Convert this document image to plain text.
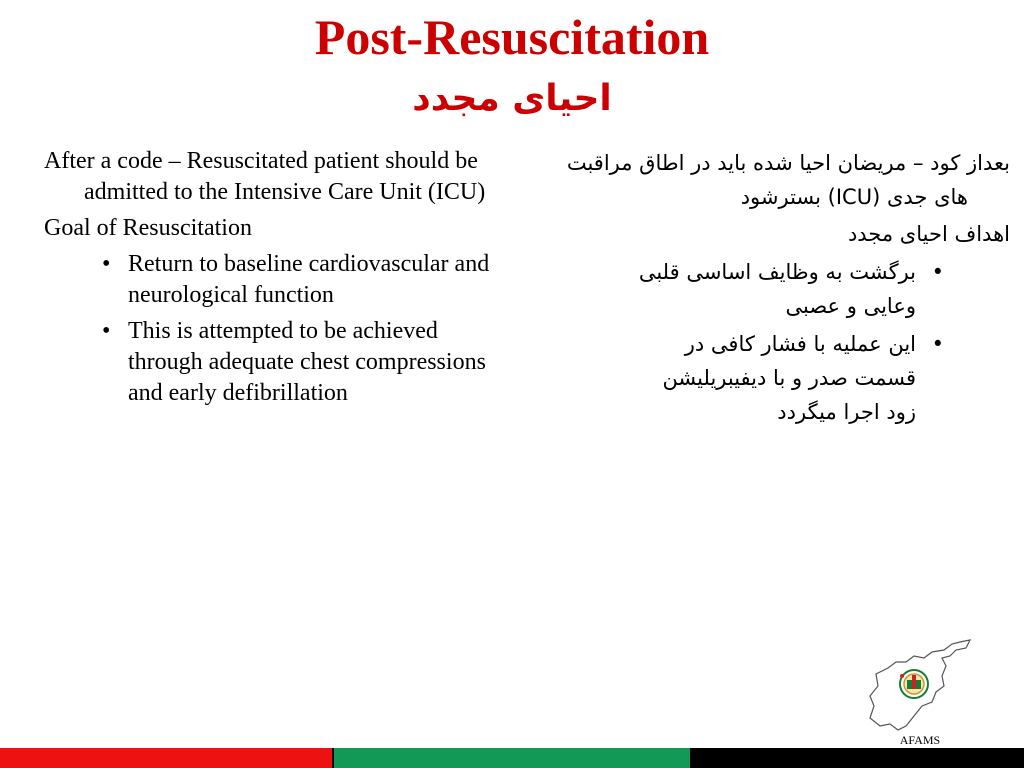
Post-Resuscitation
احیای مجدد

After a code – Resuscitated patient should be admitted to the Intensive Care Unit (ICU)

Goal of Resuscitation

• Return to baseline cardiovascular and neurological function
• This is attempted to be achieved through adequate chest compressions and early defibrillation

بعداز کود – مریضان احیا شده باید در اطاق مراقبت های جدی (ICU) بسترشود

اهداف احیای مجدد

•
برگشت به وظایف اساسی قلبی وعایی و عصبی
•
این عملیه با فشار کافی در قسمت صدر و با دیفیبریلیشن زود اجرا میگردد
AFAMS
